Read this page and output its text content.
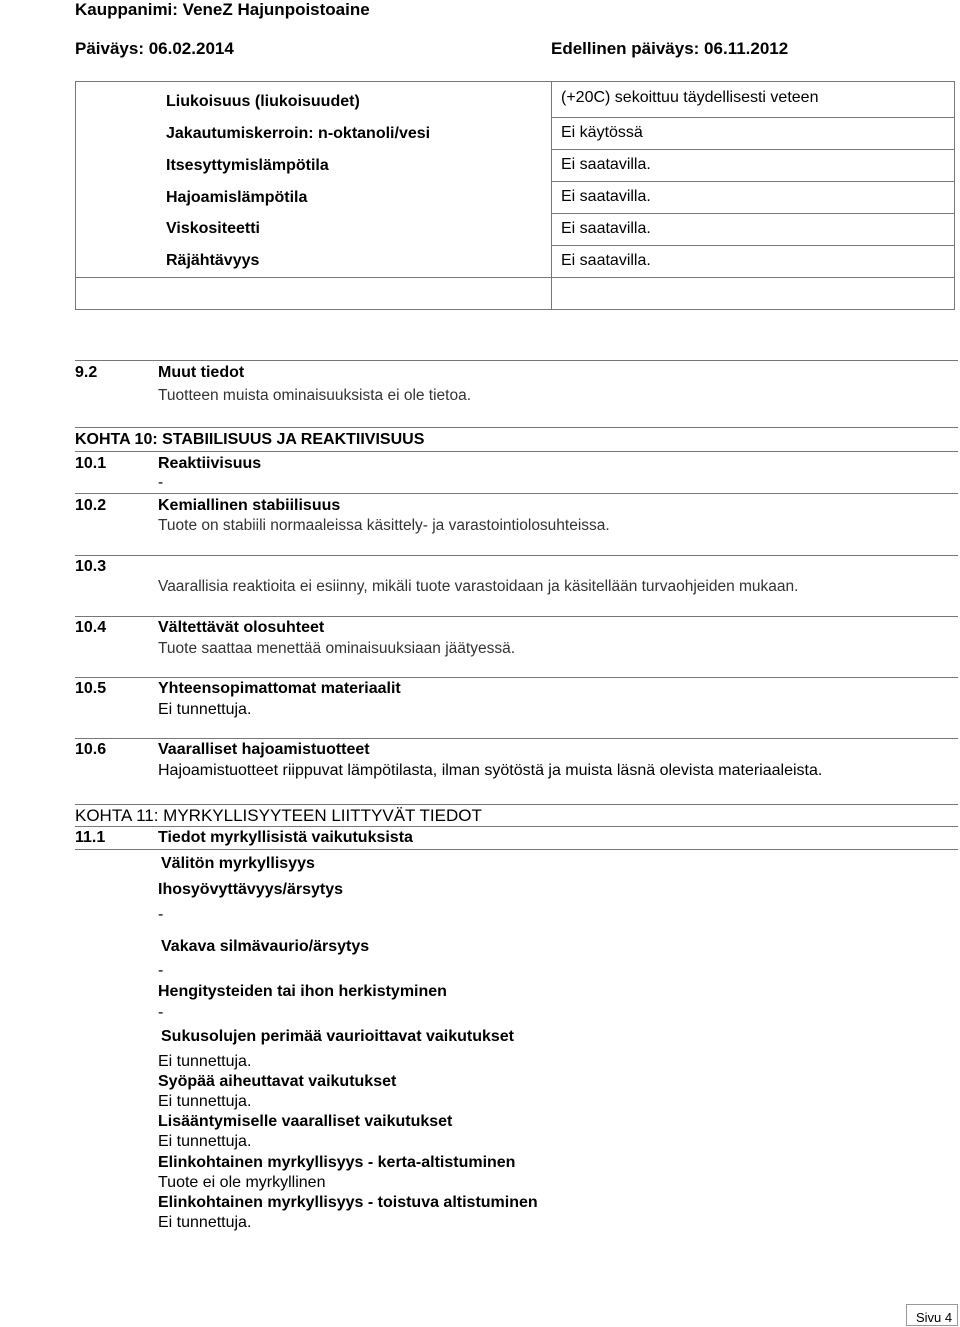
Kauppanimi: VeneZ Hajunpoistoaine
Päiväys: 06.02.2014	Edellinen päiväys: 06.11.2012
Liukoisuus (liukoisuudet)	(+20C) sekoittuu täydellisesti veteen
Jakautumiskerroin: n-oktanoli/vesi	Ei käytössä
Itsesyttymislämpötila	Ei saatavilla.
Hajoamislämpötila	Ei saatavilla.
Viskositeetti	Ei saatavilla.
Räjähtävyys	Ei saatavilla.
9.2	Muut tiedot
Tuotteen muista ominaisuuksista ei ole tietoa.
KOHTA 10: STABIILISUUS JA REAKTIIVISUUS
10.1	Reaktiivisuus
-
10.2	Kemiallinen stabiilisuus
Tuote on stabiili normaaleissa käsittely- ja varastointiolosuhteissa.
10.3
Vaarallisia reaktioita ei esiinny, mikäli tuote varastoidaan ja käsitellään turvaohjeiden mukaan.
10.4	Vältettävät olosuhteet
Tuote saattaa menettää ominaisuuksiaan jäätyessä.
10.5	Yhteensopimattomat materiaalit
Ei tunnettuja.
10.6	Vaaralliset hajoamistuotteet
Hajoamistuotteet riippuvat lämpötilasta, ilman syötöstä ja muista läsnä olevista materiaaleista.
KOHTA 11: MYRKYLLISYYTEEN LIITTYVÄT TIEDOT
11.1	Tiedot myrkyllisistä vaikutuksista
Välitön myrkyllisyys
Ihosyövyttävyys/ärsytys
-
Vakava silmävaurio/ärsytys
-
Hengitysteiden tai ihon herkistyminen
-
Sukusolujen perimää vaurioittavat vaikutukset
Ei tunnettuja.
Syöpää aiheuttavat vaikutukset
Ei tunnettuja.
Lisääntymiselle vaaralliset vaikutukset
Ei tunnettuja.
Elinkohtainen myrkyllisyys - kerta-altistuminen
Tuote ei ole myrkyllinen
Elinkohtainen myrkyllisyys - toistuva altistuminen
Ei tunnettuja.
Sivu 4
